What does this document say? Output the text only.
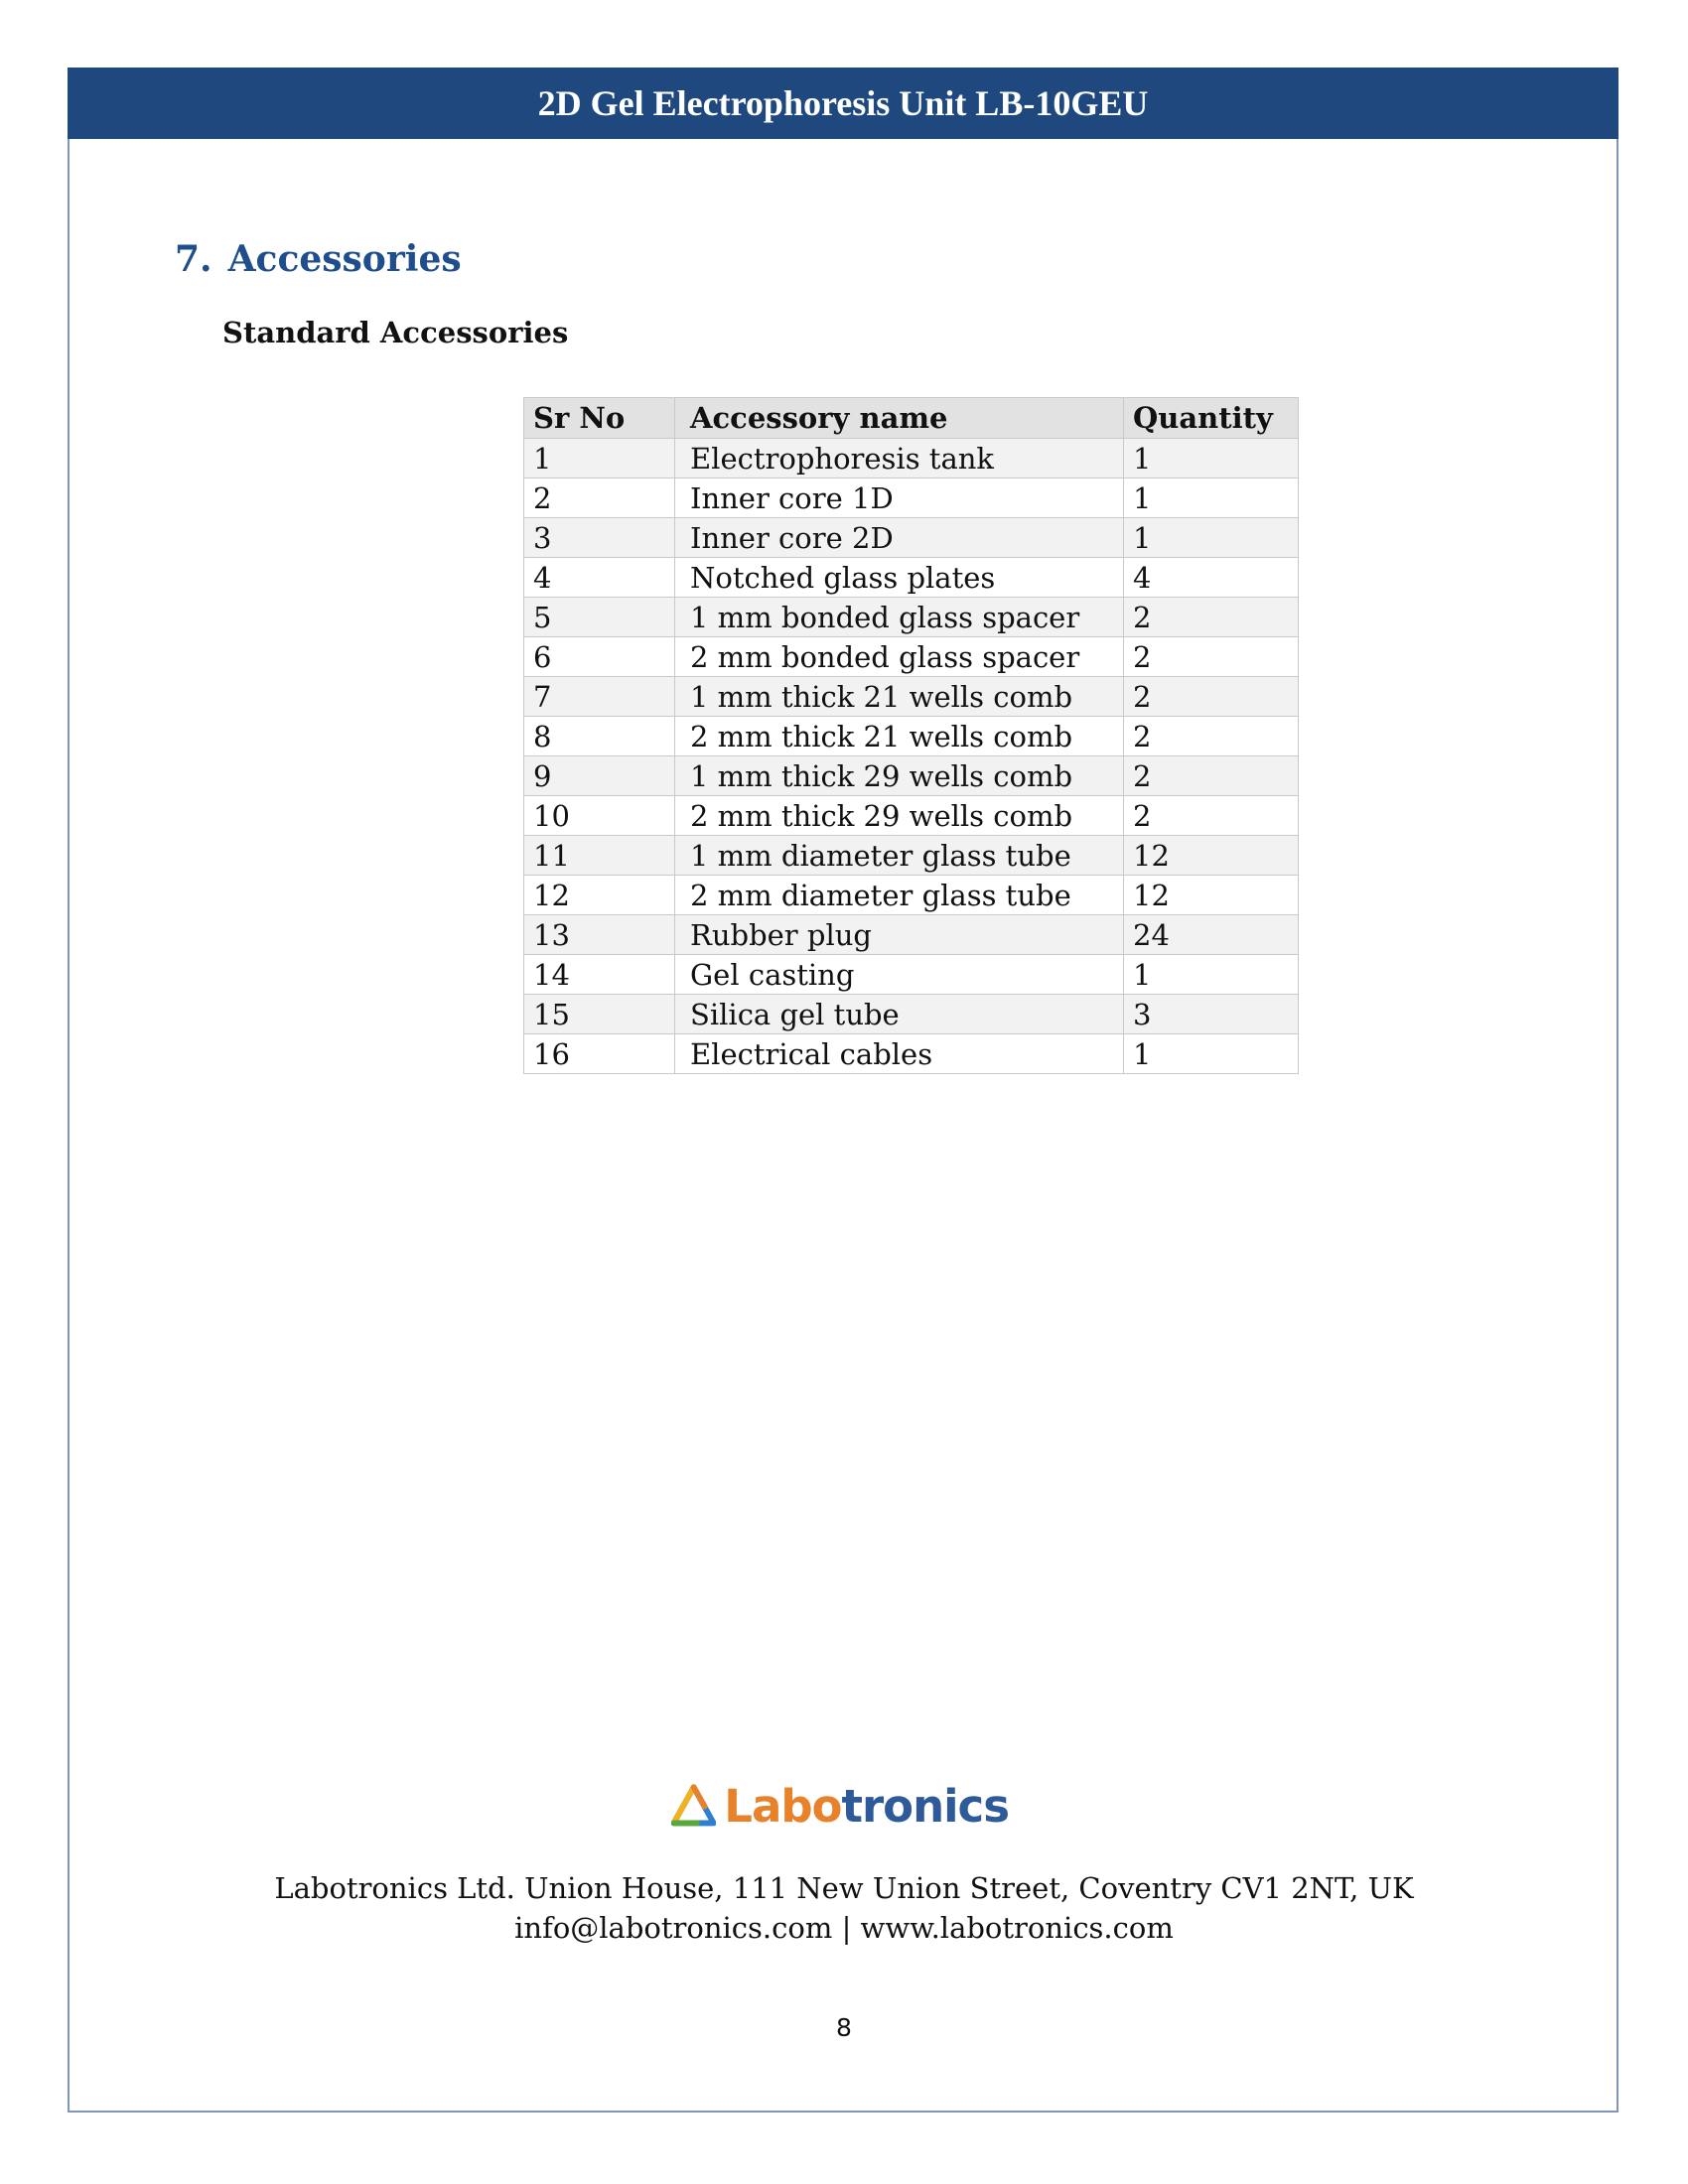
2D Gel Electrophoresis Unit LB-10GEU
7. Accessories
Standard Accessories
Sr No	Accessory name	Quantity
1	Electrophoresis tank	1
2	Inner core 1D	1
3	Inner core 2D	1
4	Notched glass plates	4
5	1 mm bonded glass spacer	2
6	2 mm bonded glass spacer	2
7	1 mm thick 21 wells comb	2
8	2 mm thick 21 wells comb	2
9	1 mm thick 29 wells comb	2
10	2 mm thick 29 wells comb	2
11	1 mm diameter glass tube	12
12	2 mm diameter glass tube	12
13	Rubber plug	24
14	Gel casting	1
15	Silica gel tube	3
16	Electrical cables	1
Labotronics
Labotronics Ltd. Union House, 111 New Union Street, Coventry CV1 2NT, UK
info@labotronics.com | www.labotronics.com
8
